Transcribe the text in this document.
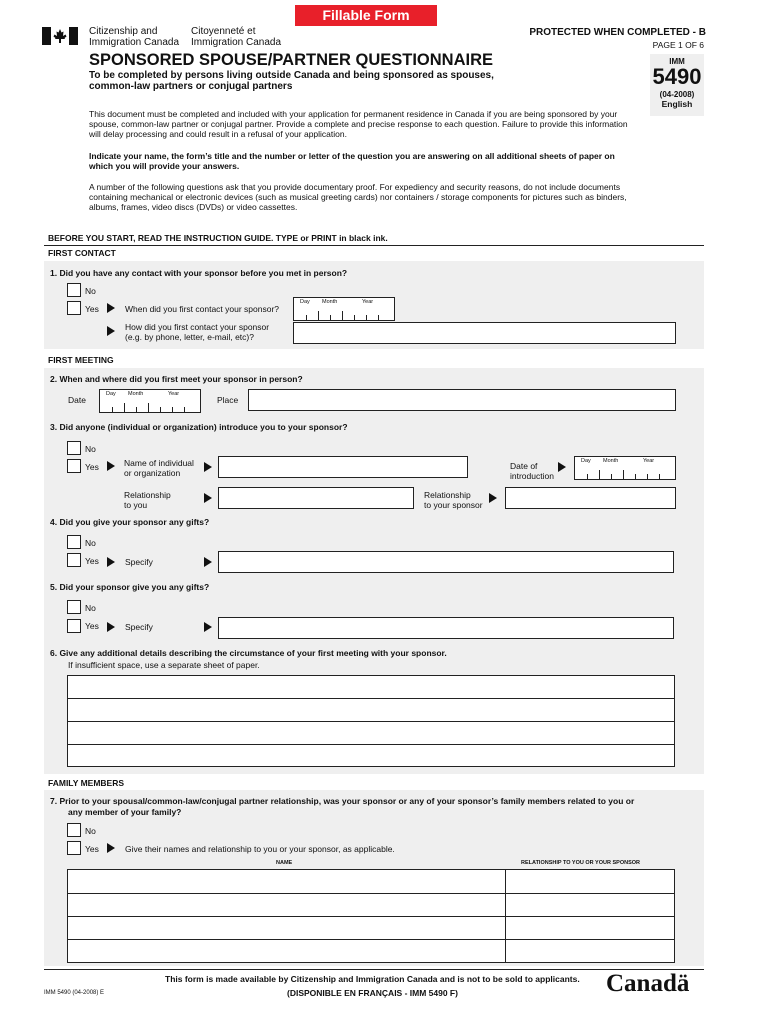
Fillable Form
Citizenship and
Immigration Canada
Citoyenneté et
Immigration Canada
PROTECTED WHEN COMPLETED - B
PAGE 1 OF 6
IMM
5490
(04-2008)
English
SPONSORED SPOUSE/PARTNER QUESTIONNAIRE
To be completed by persons living outside Canada and being sponsored as spouses,
common-law partners or conjugal partners
This document must be completed and included with your application for permanent residence in Canada if you are being sponsored by your
spouse, common-law partner or conjugal partner. Provide a complete and precise response to each question. Failure to provide this information
will delay processing and could result in a refusal of your application.
Indicate your name, the form’s title and the number or letter of the question you are answering on all additional sheets of paper on
which you will provide your answers.
A number of the following questions ask that you provide documentary proof. For expediency and security reasons, do not include documents
containing mechanical or electronic devices (such as musical greeting cards) nor containers / storage components for pictures such as binders,
albums, frames, video discs (DVDs) or video cassettes.
BEFORE YOU START, READ THE INSTRUCTION GUIDE. TYPE or PRINT in black ink.
FIRST CONTACT
1. Did you have any contact with your sponsor before you met in person?
No
Yes	When did you first contact your sponsor?
Day Month	Year
How did you first contact your sponsor
(e.g. by phone, letter, e-mail, etc)?
FIRST MEETING
2. When and where did you first meet your sponsor in person?
Date
Day Month	Year
Place
3. Did anyone (individual or organization) introduce you to your sponsor?
No
Yes	Name of individual
or organization
Date of
introduction
Day Month	Year
Relationship
to you
Relationship
to your sponsor
4. Did you give your sponsor any gifts?
No
Yes	Specify
5. Did your sponsor give you any gifts?
No
Yes	Specify
6. Give any additional details describing the circumstance of your first meeting with your sponsor.
If insufficient space, use a separate sheet of paper.
FAMILY MEMBERS
7. Prior to your spousal/common-law/conjugal partner relationship, was your sponsor or any of your sponsor’s family members related to you or
any member of your family?
No
Yes	Give their names and relationship to you or your sponsor, as applicable.
NAME	RELATIONSHIP TO YOU OR YOUR SPONSOR
This form is made available by Citizenship and Immigration Canada and is not to be sold to applicants.
(DISPONIBLE EN FRANÇAIS - IMM 5490 F)
IMM 5490 (04-2008) E	Canadä
